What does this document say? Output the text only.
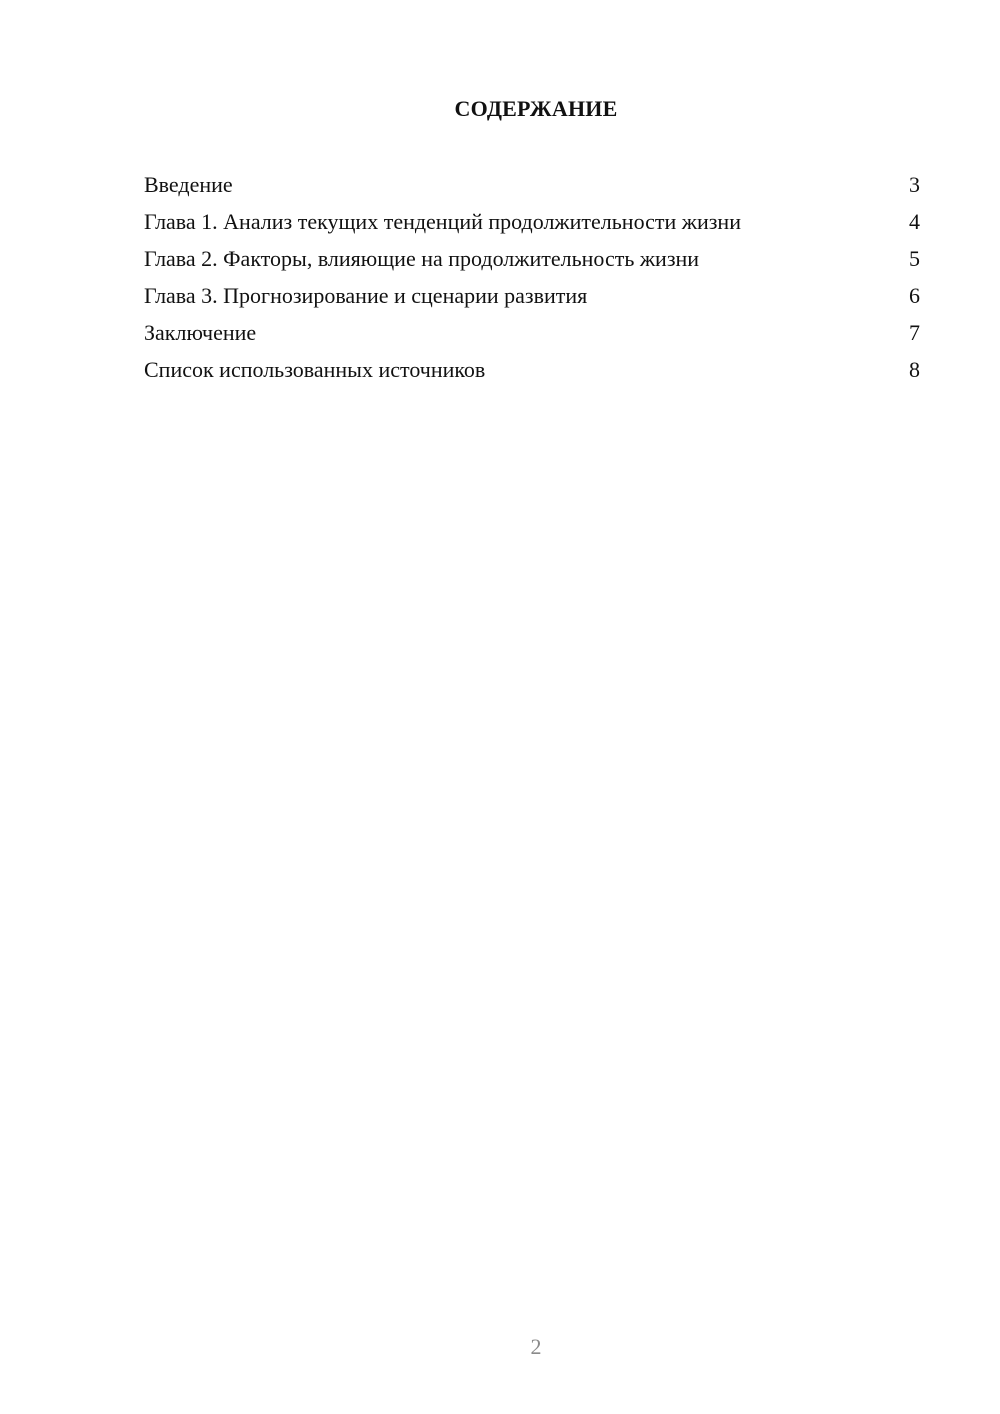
СОДЕРЖАНИЕ
Введение	3
Глава 1. Анализ текущих тенденций продолжительности жизни	4
Глава 2. Факторы, влияющие на продолжительность жизни	5
Глава 3. Прогнозирование и сценарии развития	6
Заключение	7
Список использованных источников	8
2
